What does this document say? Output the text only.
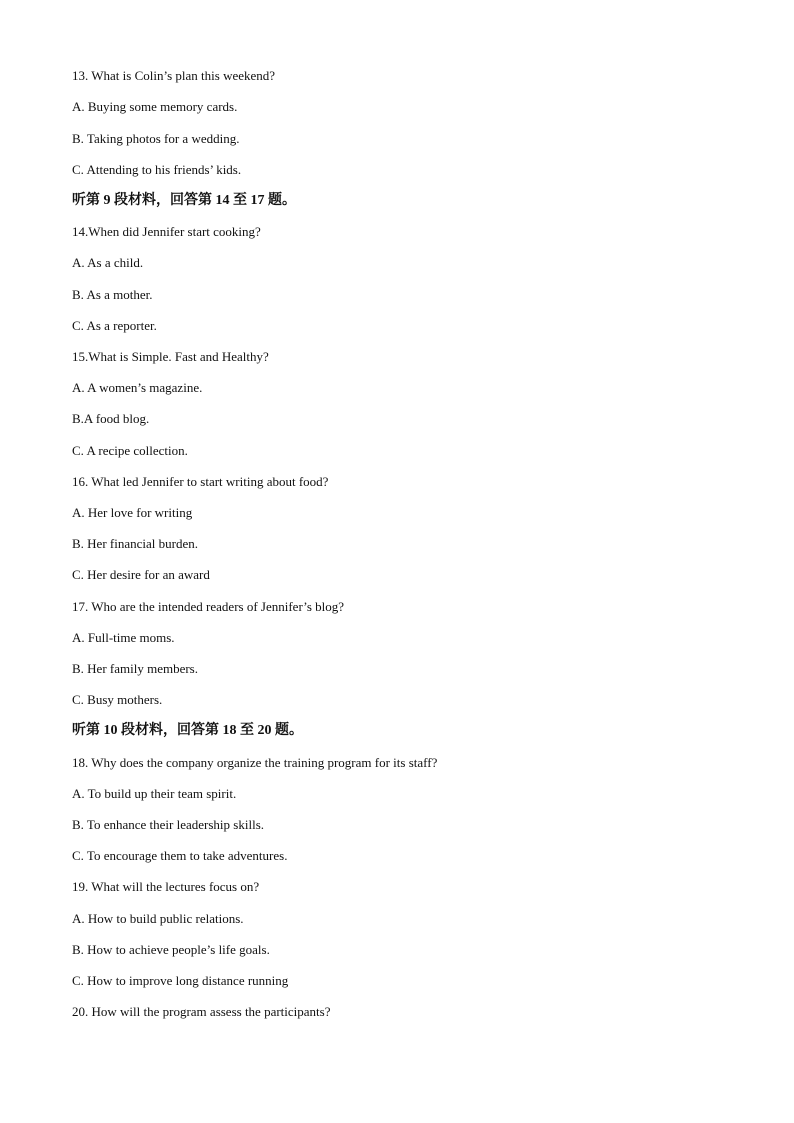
13. What is Colin’s plan this weekend?
A. Buying some memory cards.
B. Taking photos for a wedding.
C. Attending to his friends’ kids.
听第 9 段材料，回答第 14 至 17 题。
14.When did Jennifer start cooking?
A. As a child.
B. As a mother.
C. As a reporter.
15.What is Simple. Fast and Healthy?
A. A women’s magazine.
B.A food blog.
C. A recipe collection.
16. What led Jennifer to start writing about food?
A. Her love for writing
B. Her financial burden.
C. Her desire for an award
17. Who are the intended readers of Jennifer’s blog?
A. Full-time moms.
B. Her family members.
C. Busy mothers.
听第 10 段材料，回答第 18 至 20 题。
18. Why does the company organize the training program for its staff?
A. To build up their team spirit.
B. To enhance their leadership skills.
C. To encourage them to take adventures.
19. What will the lectures focus on?
A. How to build public relations.
B. How to achieve people’s life goals.
C. How to improve long distance running
20. How will the program assess the participants?
